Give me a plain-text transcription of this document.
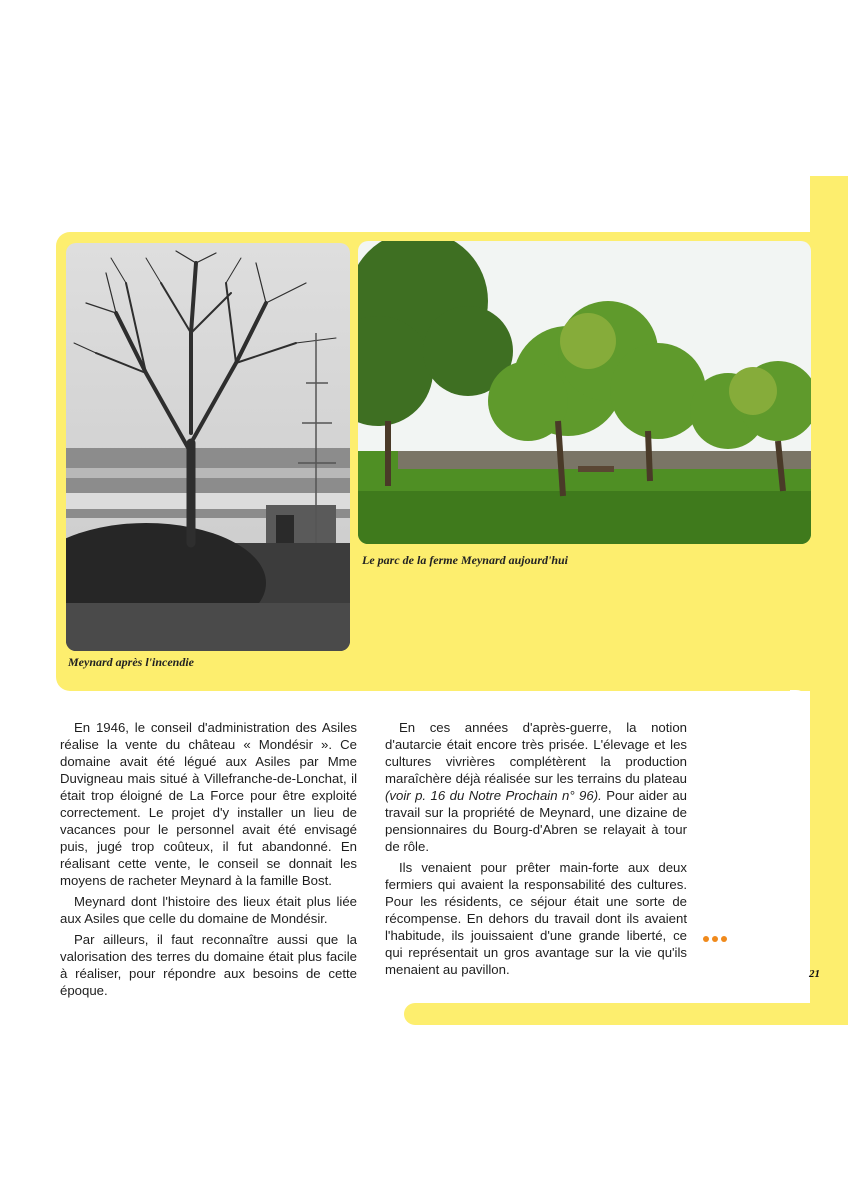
Meynard après l'incendie
Le parc de la ferme Meynard aujourd'hui

En 1946, le conseil d'administration des Asiles réalise la vente du château « Mondésir ». Ce domaine avait été légué aux Asiles par Mme Duvigneau mais situé à Villefranche-de-Lonchat, il était trop éloigné de La Force pour être exploité correctement. Le projet d'y installer un lieu de vacances pour le personnel avait été envisagé puis, jugé trop coûteux, il fut abandonné. En réalisant cette vente, le conseil se donnait les moyens de racheter Meynard à la famille Bost.

Meynard dont l'histoire des lieux était plus liée aux Asiles que celle du domaine de Mondésir.

Par ailleurs, il faut reconnaître aussi que la valorisation des terres du domaine était plus facile à réaliser, pour répondre aux besoins de cette époque.

En ces années d'après-guerre, la notion d'autarcie était encore très prisée. L'élevage et les cultures vivrières complétèrent la production maraîchère déjà réalisée sur les terrains du plateau (voir p. 16 du Notre Prochain n° 96). Pour aider au travail sur la propriété de Meynard, une dizaine de pensionnaires du Bourg-d'Abren se relayait à tour de rôle.

Ils venaient pour prêter main-forte aux deux fermiers qui avaient la responsabilité des cultures. Pour les résidents, ce séjour était une sorte de récompense. En dehors du travail dont ils avaient l'habitude, ils jouissaient d'une grande liberté, ce qui représentait un gros avantage sur la vie qu'ils menaient au pavillon.	21
